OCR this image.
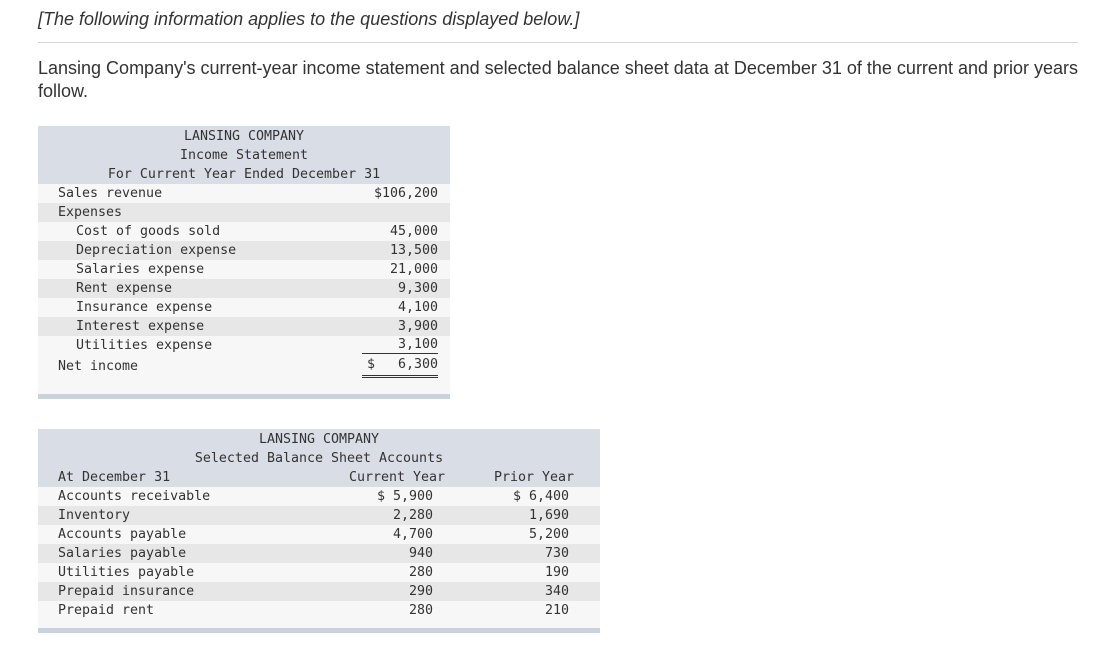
[The following information applies to the questions displayed below.]
Lansing Company's current-year income statement and selected balance sheet data at December 31 of the current and prior years follow.
LANSING COMPANY
Income Statement
For Current Year Ended December 31
Sales revenue	$106,200
Expenses
Cost of goods sold	45,000
Depreciation expense	13,500
Salaries expense	21,000
Rent expense	9,300
Insurance expense	4,100
Interest expense	3,900
Utilities expense	3,100
Net income	$ 6,300
LANSING COMPANY
Selected Balance Sheet Accounts
At December 31	Current Year	Prior Year
Accounts receivable	$ 5,900	$ 6,400
Inventory	2,280	1,690
Accounts payable	4,700	5,200
Salaries payable	940	730
Utilities payable	280	190
Prepaid insurance	290	340
Prepaid rent	280	210
